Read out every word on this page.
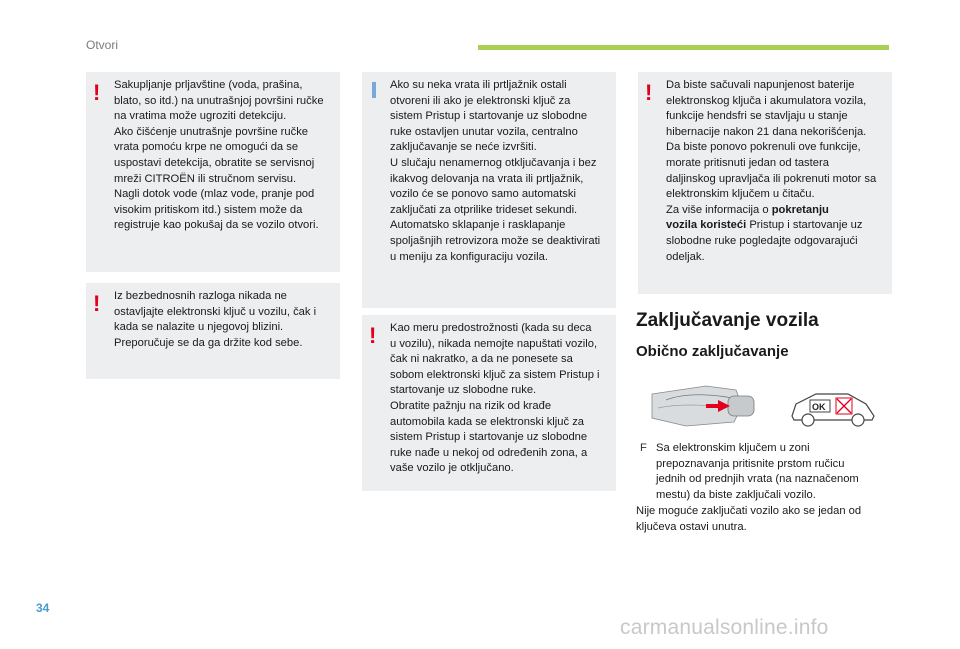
Otvori
! Sakupljanje prljavštine (voda, prašina,
blato, so itd.) na unutrašnjoj površini ručke
na vratima može ugroziti detekciju.
Ako čišćenje unutrašnje površine ručke
vrata pomoću krpe ne omogući da se
uspostavi detekcija, obratite se servisnoj
mreži CITROËN ili stručnom servisu.
Nagli dotok vode (mlaz vode, pranje pod
visokim pritiskom itd.) sistem može da
registruje kao pokušaj da se vozilo otvori.
! Iz bezbednosnih razloga nikada ne
ostavljajte elektronski ključ u vozilu, čak i
kada se nalazite u njegovoj blizini.
Preporučuje se da ga držite kod sebe.
Ako su neka vrata ili prtljažnik ostali
otvoreni ili ako je elektronski ključ za
sistem Pristup i startovanje uz slobodne
ruke ostavljen unutar vozila, centralno
zaključavanje se neće izvršiti.
U slučaju nenamernog otključavanja i bez
ikakvog delovanja na vrata ili prtljažnik,
vozilo će se ponovo samo automatski
zaključati za otprilike trideset sekundi.
Automatsko sklapanje i rasklapanje
spoljašnjih retrovizora može se deaktivirati
u meniju za konfiguraciju vozila.
! Kao meru predostrožnosti (kada su deca
u vozilu), nikada nemojte napuštati vozilo,
čak ni nakratko, a da ne ponesete sa
sobom elektronski ključ za sistem Pristup i
startovanje uz slobodne ruke.
Obratite pažnju na rizik od krađe
automobila kada se elektronski ključ za
sistem Pristup i startovanje uz slobodne
ruke nađe u nekoj od određenih zona, a
vaše vozilo je otključano.
! Da biste sačuvali napunjenost baterije
elektronskog ključa i akumulatora vozila,
funkcije hendsfri se stavljaju u stanje
hibernacije nakon 21 dana nekorišćenja.
Da biste ponovo pokrenuli ove funkcije,
morate pritisnuti jedan od tastera
daljinskog upravljača ili pokrenuti motor sa
elektronskim ključem u čitaču.
Za više informacija o pokretanju
vozila koristeći Pristup i startovanje uz
slobodne ruke pogledajte odgovarajući
odeljak.
Zaključavanje vozila
Obično zaključavanje
OK
F Sa elektronskim ključem u zoni
prepoznavanja pritisnite prstom ručicu
jednih od prednjih vrata (na naznačenom
mestu) da biste zaključali vozilo.
Nije moguće zaključati vozilo ako se jedan od
ključeva ostavi unutra.
34
carmanualsonline.info
